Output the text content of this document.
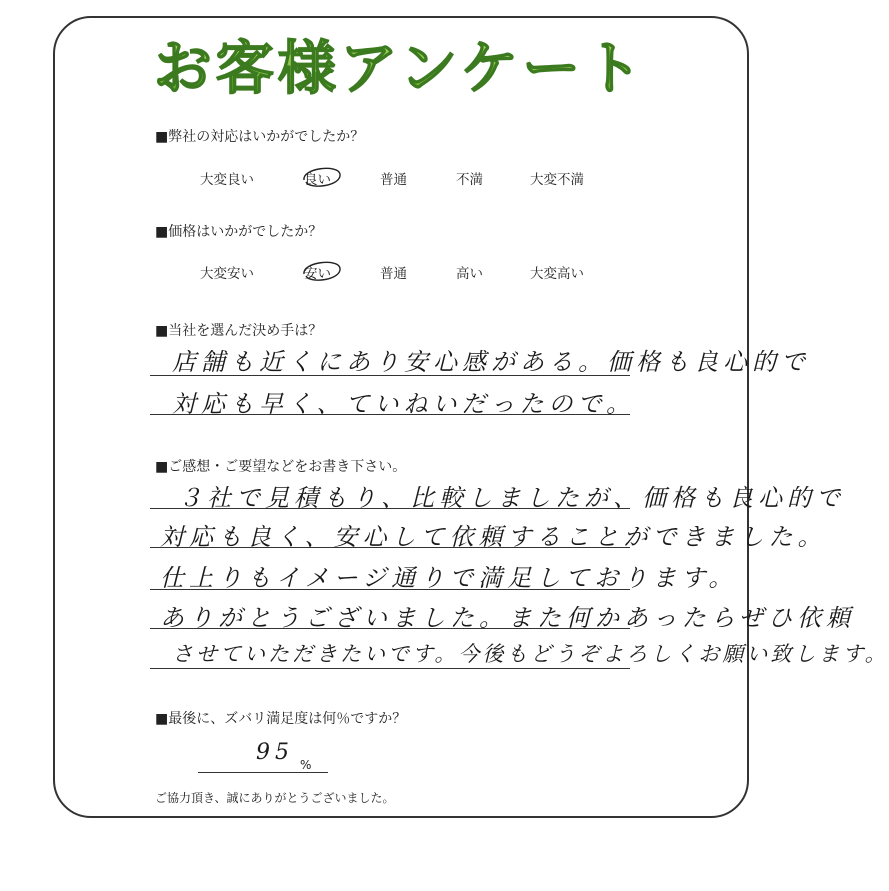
お客様アンケート
■弊社の対応はいかがでしたか？
大変良い	良い	普通	不満	大変不満
■価格はいかがでしたか？
大変安い	安い	普通	高い	大変高い
■当社を選んだ決め手は？
店舗も近くにあり安心感がある。価格も良心的で
対応も早く、ていねいだったので。
■ご感想・ご要望などをお書き下さい。
３社で見積もり、比較しましたが、価格も良心的で
対応も良く、安心して依頼することができました。
仕上りもイメージ通りで満足しております。
ありがとうございました。また何かあったらぜひ依頼
させていただきたいです。今後もどうぞよろしくお願い致します。
■最後に、ズバリ満足度は何％ですか？
95 %
ご協力頂き、誠にありがとうございました。
